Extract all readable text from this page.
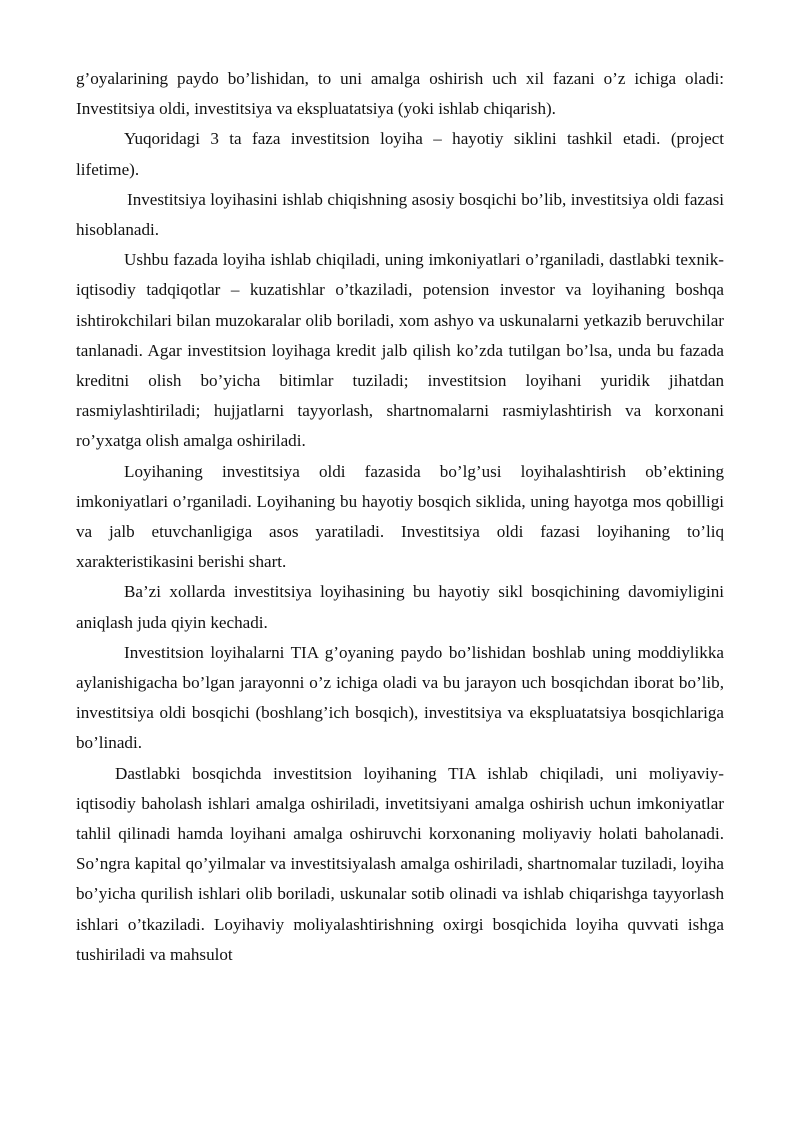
g’oyalarining paydo bo’lishidan, to uni amalga oshirish uch xil fazani o’z ichiga oladi: Investitsiya oldi, investitsiya va ekspluatatsiya (yoki ishlab chiqarish).

Yuqoridagi 3 ta faza investitsion loyiha – hayotiy siklini tashkil etadi. (project lifetime).

Investitsiya loyihasini ishlab chiqishning asosiy bosqichi bo’lib, investitsiya oldi fazasi hisoblanadi.

Ushbu fazada loyiha ishlab chiqiladi, uning imkoniyatlari o’rganiladi, dastlabki texnik-iqtisodiy tadqiqotlar – kuzatishlar o’tkaziladi, potension investor va loyihaning boshqa ishtirokchilari bilan muzokaralar olib boriladi, xom ashyo va uskunalarni yetkazib beruvchilar tanlanadi. Agar investitsion loyihaga kredit jalb qilish ko’zda tutilgan bo’lsa, unda bu fazada kreditni olish bo’yicha bitimlar tuziladi; investitsion loyihani yuridik jihatdan rasmiylashtiriladi; hujjatlarni tayyorlash, shartnomalarni rasmiylashtirish va korxonani ro’yxatga olish amalga oshiriladi.

Loyihaning investitsiya oldi fazasida bo’lg’usi loyihalashtirish ob’ektining imkoniyatlari o’rganiladi. Loyihaning bu hayotiy bosqich siklida, uning hayotga mos qobilligi va jalb etuvchanligiga asos yaratiladi. Investitsiya oldi fazasi loyihaning to’liq xarakteristikasini berishi shart.

Ba’zi xollarda investitsiya loyihasining bu hayotiy sikl bosqichining davomiyligini aniqlash juda qiyin kechadi.

Investitsion loyihalarni TIA g’oyaning paydo bo’lishidan boshlab uning moddiylikka aylanishigacha bo’lgan jarayonni o’z ichiga oladi va bu jarayon uch bosqichdan iborat bo’lib, investitsiya oldi bosqichi (boshlang’ich bosqich), investitsiya va ekspluatatsiya bosqichlariga bo’linadi.

Dastlabki bosqichda investitsion loyihaning TIA ishlab chiqiladi, uni moliyaviy-iqtisodiy baholash ishlari amalga oshiriladi, invetitsiyani amalga oshirish uchun imkoniyatlar tahlil qilinadi hamda loyihani amalga oshiruvchi korxonaning moliyaviy holati baholanadi. So’ngra kapital qo’yilmalar va investitsiyalash amalga oshiriladi, shartnomalar tuziladi, loyiha bo’yicha qurilish ishlari olib boriladi, uskunalar sotib olinadi va ishlab chiqarishga tayyorlash ishlari o’tkaziladi. Loyihaviy moliyalashtirishning oxirgi bosqichida loyiha quvvati ishga tushiriladi va mahsulot
